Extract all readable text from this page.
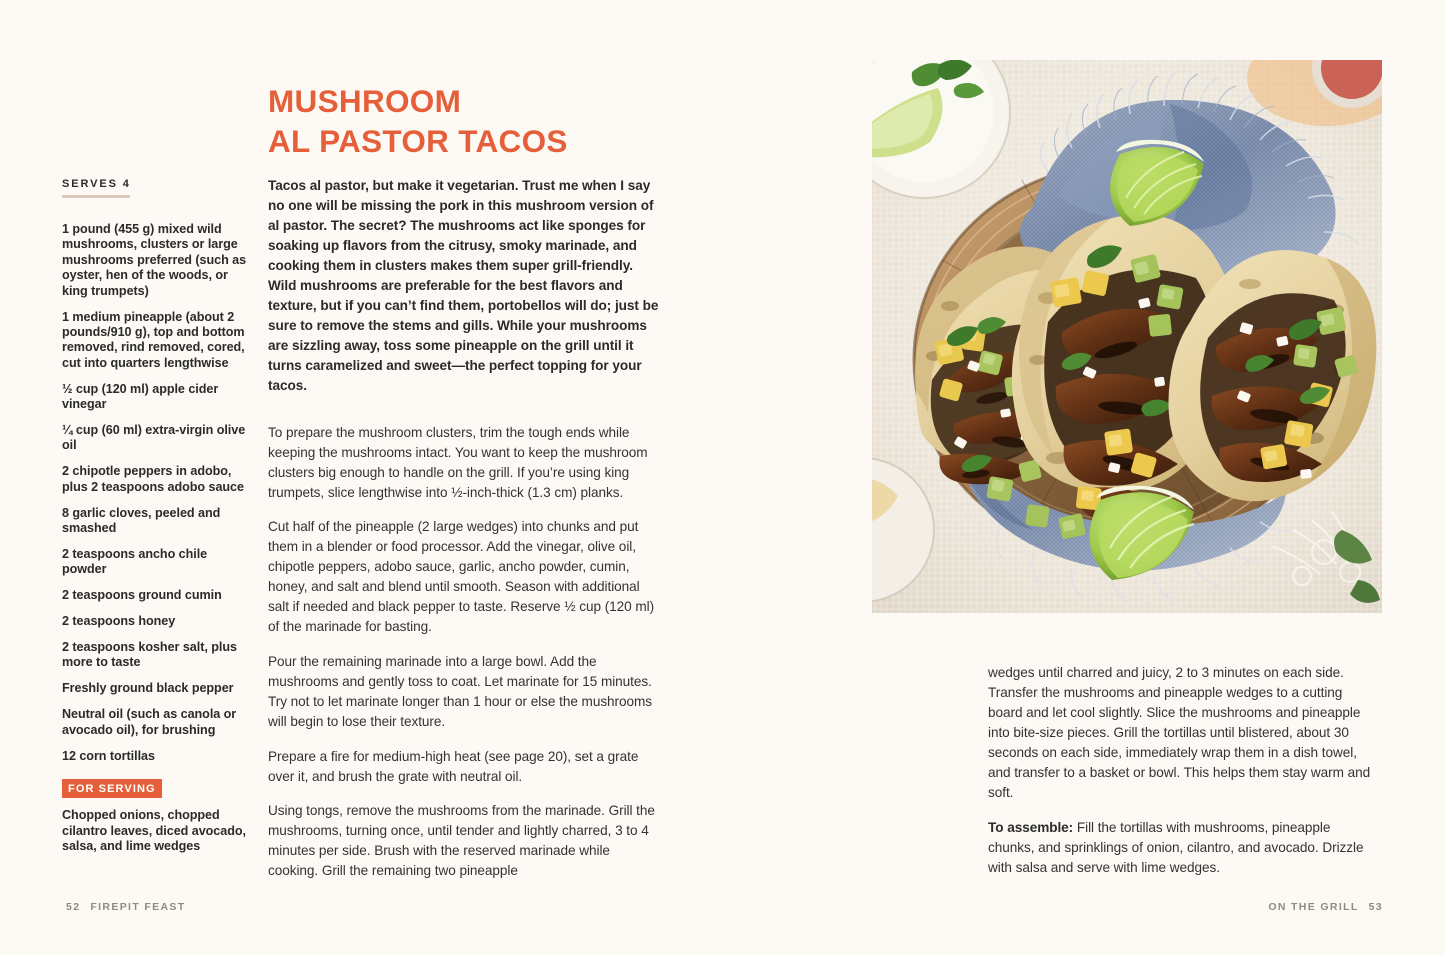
MUSHROOM
AL PASTOR TACOS
SERVES 4
1 pound (455 g) mixed wild mushrooms, clusters or large mushrooms preferred (such as oyster, hen of the woods, or king trumpets)
1 medium pineapple (about 2 pounds/910 g), top and bottom removed, rind removed, cored, cut into quarters lengthwise
½ cup (120 ml) apple cider vinegar
¼ cup (60 ml) extra-virgin olive oil
2 chipotle peppers in adobo, plus 2 teaspoons adobo sauce
8 garlic cloves, peeled and smashed
2 teaspoons ancho chile powder
2 teaspoons ground cumin
2 teaspoons honey
2 teaspoons kosher salt, plus more to taste
Freshly ground black pepper
Neutral oil (such as canola or avocado oil), for brushing
12 corn tortillas
FOR SERVING
Chopped onions, chopped cilantro leaves, diced avocado, salsa, and lime wedges

Tacos al pastor, but make it vegetarian. Trust me when I say no one will be missing the pork in this mushroom version of al pastor. The secret? The mushrooms act like sponges for soaking up flavors from the citrusy, smoky marinade, and cooking them in clusters makes them super grill-friendly. Wild mushrooms are preferable for the best flavors and texture, but if you can’t find them, portobellos will do; just be sure to remove the stems and gills. While your mushrooms are sizzling away, toss some pineapple on the grill until it turns caramelized and sweet—the perfect topping for your tacos.

To prepare the mushroom clusters, trim the tough ends while keeping the mushrooms intact. You want to keep the mushroom clusters big enough to handle on the grill. If you’re using king trumpets, slice lengthwise into ½-inch-thick (1.3 cm) planks.

Cut half of the pineapple (2 large wedges) into chunks and put them in a blender or food processor. Add the vinegar, olive oil, chipotle peppers, adobo sauce, garlic, ancho powder, cumin, honey, and salt and blend until smooth. Season with additional salt if needed and black pepper to taste. Reserve ½ cup (120 ml) of the marinade for basting.

Pour the remaining marinade into a large bowl. Add the mushrooms and gently toss to coat. Let marinate for 15 minutes. Try not to let marinate longer than 1 hour or else the mushrooms will begin to lose their texture.

Prepare a fire for medium-high heat (see page 20), set a grate over it, and brush the grate with neutral oil.

Using tongs, remove the mushrooms from the marinade. Grill the mushrooms, turning once, until tender and lightly charred, 3 to 4 minutes per side. Brush with the reserved marinade while cooking. Grill the remaining two pineapple

52 FIREPIT FEAST

wedges until charred and juicy, 2 to 3 minutes on each side. Transfer the mushrooms and pineapple wedges to a cutting board and let cool slightly. Slice the mushrooms and pineapple into bite-size pieces. Grill the tortillas until blistered, about 30 seconds on each side, immediately wrap them in a dish towel, and transfer to a basket or bowl. This helps them stay warm and soft.

To assemble: Fill the tortillas with mushrooms, pineapple chunks, and sprinklings of onion, cilantro, and avocado. Drizzle with salsa and serve with lime wedges.

ON THE GRILL 53
